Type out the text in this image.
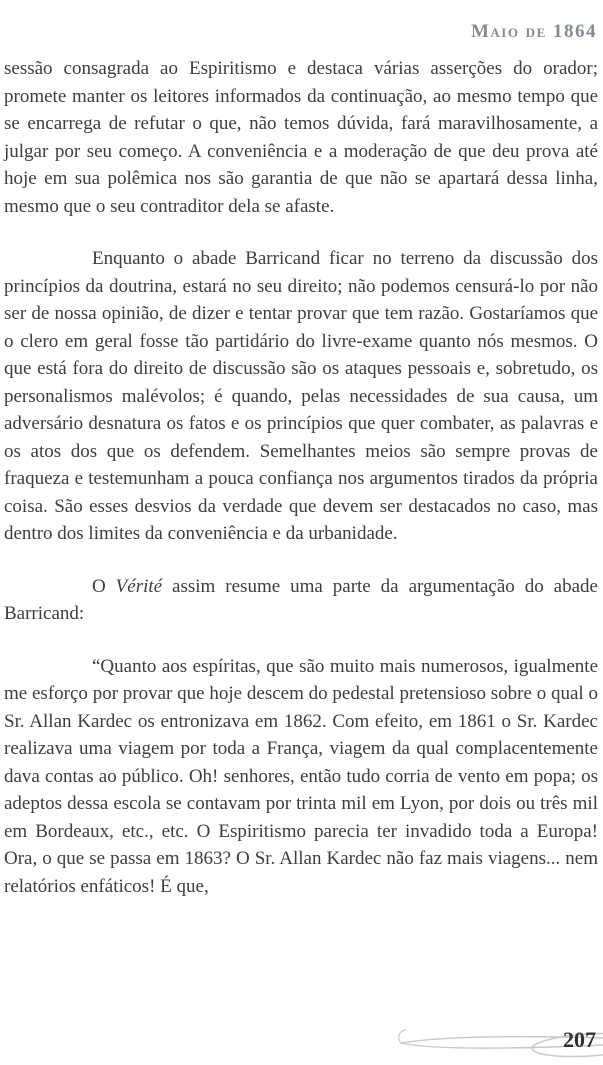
Maio de 1864

sessão consagrada ao Espiritismo e destaca várias asserções do orador; promete manter os leitores informados da continuação, ao mesmo tempo que se encarrega de refutar o que, não temos dúvida, fará maravilhosamente, a julgar por seu começo. A conveniência e a moderação de que deu prova até hoje em sua polêmica nos são garantia de que não se apartará dessa linha, mesmo que o seu contraditor dela se afaste.

Enquanto o abade Barricand ficar no terreno da discussão dos princípios da doutrina, estará no seu direito; não podemos censurá-lo por não ser de nossa opinião, de dizer e tentar provar que tem razão. Gostaríamos que o clero em geral fosse tão partidário do livre-exame quanto nós mesmos. O que está fora do direito de discussão são os ataques pessoais e, sobretudo, os personalismos malévolos; é quando, pelas necessidades de sua causa, um adversário desnatura os fatos e os princípios que quer combater, as palavras e os atos dos que os defendem. Semelhantes meios são sempre provas de fraqueza e testemunham a pouca confiança nos argumentos tirados da própria coisa. São esses desvios da verdade que devem ser destacados no caso, mas dentro dos limites da conveniência e da urbanidade.

O Vérité assim resume uma parte da argumentação do abade Barricand:

“Quanto aos espíritas, que são muito mais numerosos, igualmente me esforço por provar que hoje descem do pedestal pretensioso sobre o qual o Sr. Allan Kardec os entronizava em 1862. Com efeito, em 1861 o Sr. Kardec realizava uma viagem por toda a França, viagem da qual complacentemente dava contas ao público. Oh! senhores, então tudo corria de vento em popa; os adeptos dessa escola se contavam por trinta mil em Lyon, por dois ou três mil em Bordeaux, etc., etc. O Espiritismo parecia ter invadido toda a Europa! Ora, o que se passa em 1863? O Sr. Allan Kardec não faz mais viagens... nem relatórios enfáticos! É que,

207
